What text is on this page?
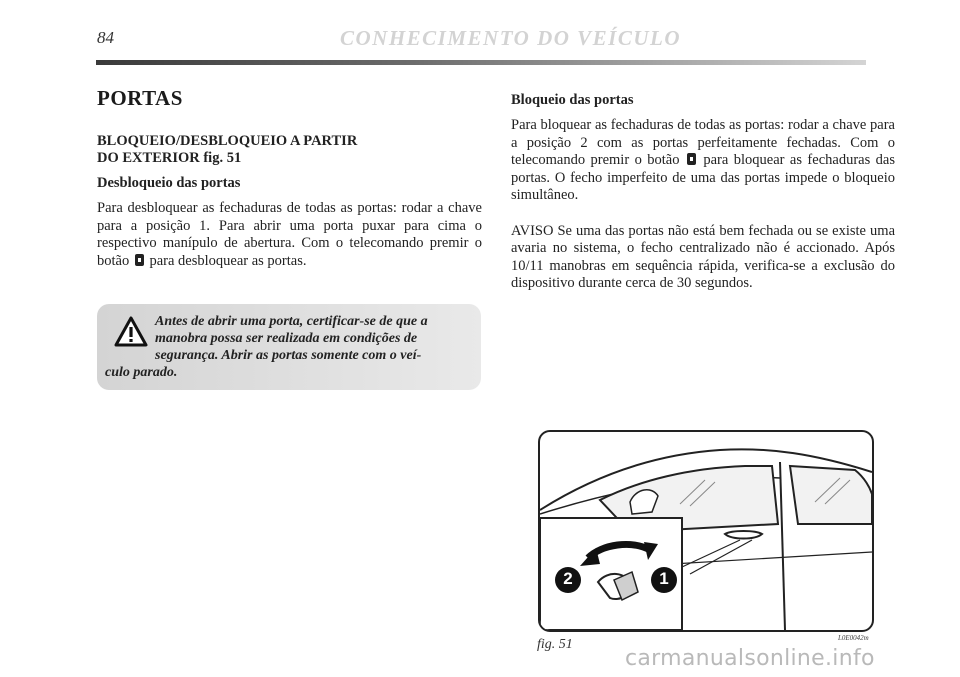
84	CONHECIMENTO DO VEÍCULO
PORTAS
BLOQUEIO/DESBLOQUEIO A PARTIR
DO EXTERIOR fig. 51
Desbloqueio das portas

Para desbloquear as fechaduras de todas as portas: rodar a chave para a posição 1. Para abrir uma porta puxar para cima o respectivo manípulo de abertura. Com o telecomando premir o botão para desbloquear as portas.

Antes de abrir uma porta, certificar-se de que a manobra possa ser realizada em condições de segurança. Abrir as portas somente com o veí-
culo parado.
Bloqueio das portas

Para bloquear as fechaduras de todas as portas: rodar a chave para a posição 2 com as portas perfeitamente fechadas. Com o telecomando premir o botão para bloquear as fechaduras das portas. O fecho imperfeito de uma das portas impede o bloqueio simultâneo.

AVISO Se uma das portas não está bem fechada ou se existe uma avaria no sistema, o fecho centralizado não é accionado. Após 10/11 manobras em sequência rápida, verifica-se a exclusão do dispositivo durante cerca de 30 segundos.

2	1
fig. 51	L0E0042m
carmanualsonline.info
